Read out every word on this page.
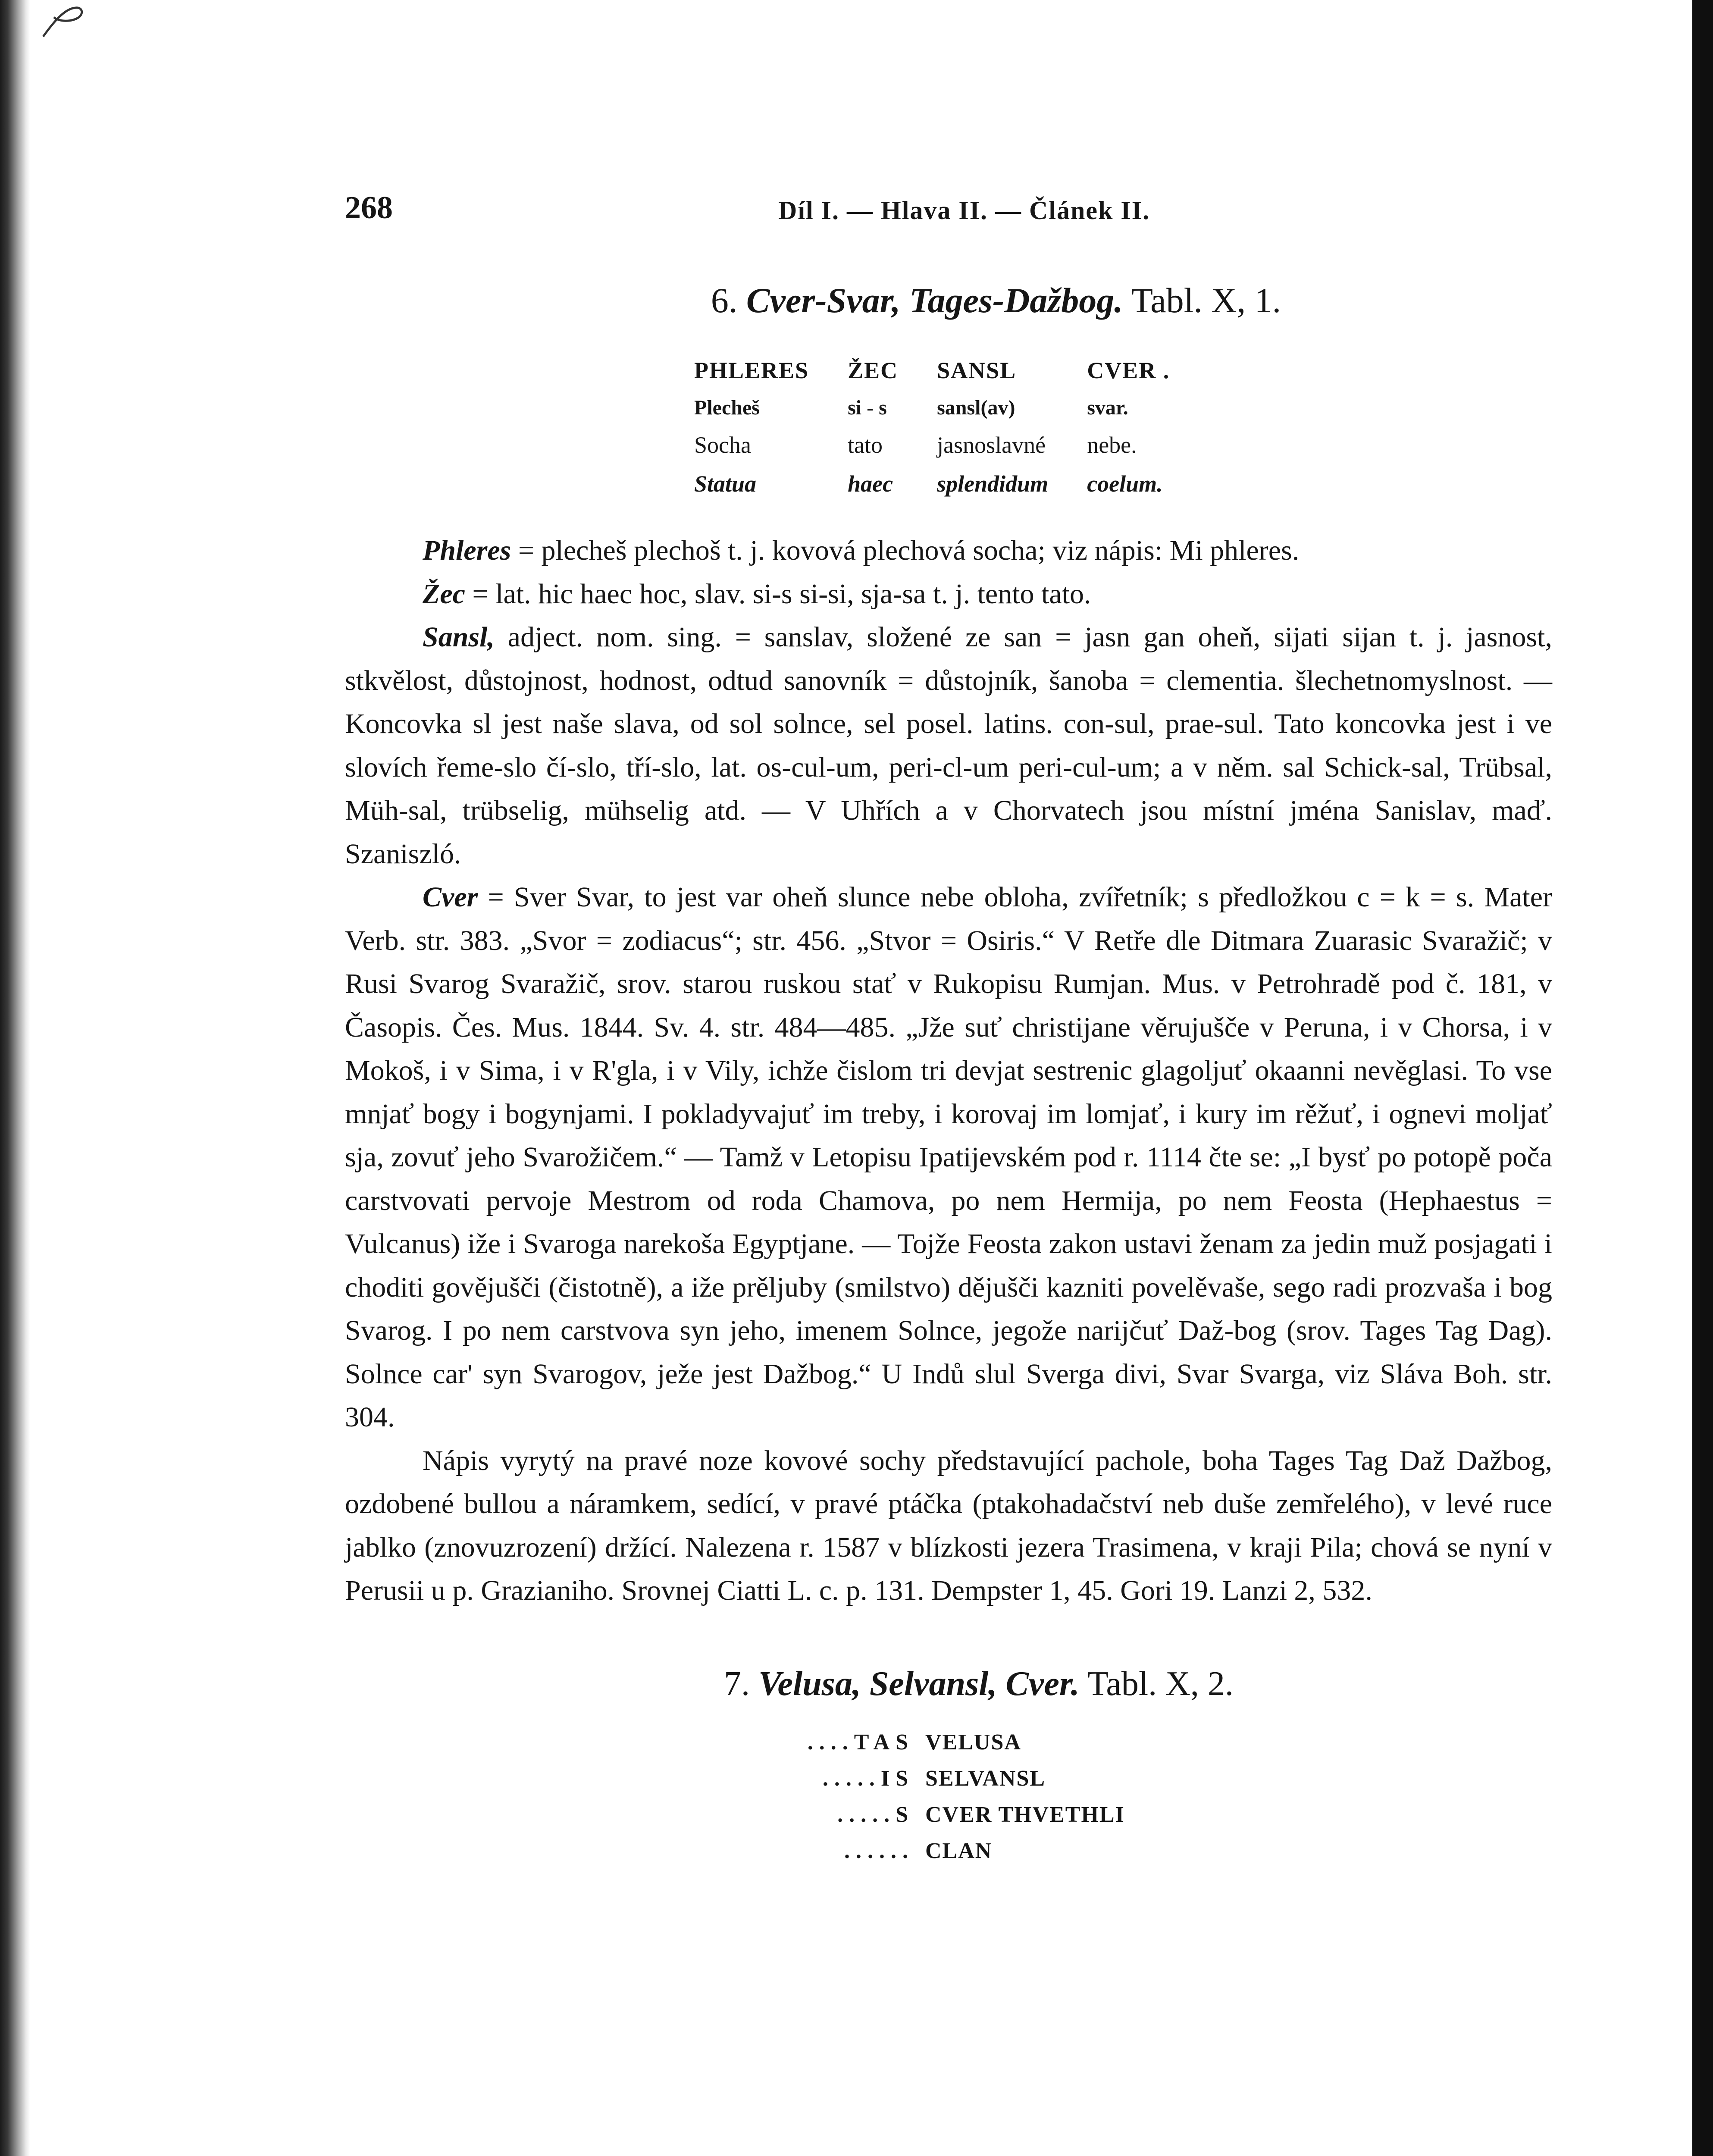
268	Díl I. — Hlava II. — Článek II.
6. Cver-Svar, Tages-Dažbog. Tabl. X, 1.
PHLERES	ŽEC	SANSL	CVER .
Plecheš	si - s	sansl(av)	svar.
Socha	tato	jasnoslavné	nebe.
Statua	haec	splendidum	coelum.

Phleres = plecheš plechoš t. j. kovová plechová socha; viz nápis: Mi phleres.

Žec = lat. hic haec hoc, slav. si-s si-si, sja-sa t. j. tento tato.

Sansl, adject. nom. sing. = sanslav, složené ze san = jasn gan oheň, sijati sijan t. j. jasnost, stkvělost, důstojnost, hodnost, odtud sanovník = důstojník, šanoba = clementia. šlechetnomyslnost. — Koncovka sl jest naše slava, od sol solnce, sel posel. latins. con-sul, prae-sul. Tato koncovka jest i ve slovích řeme-slo čí-slo, tří-slo, lat. os-cul-um, peri-cl-um peri-cul-um; a v něm. sal Schick-sal, Trübsal, Müh-sal, trübselig, mühselig atd. — V Uhřích a v Chorvatech jsou místní jména Sanislav, maď. Szaniszló.

Cver = Sver Svar, to jest var oheň slunce nebe obloha, zvířetník; s předložkou c = k = s. Mater Verb. str. 383. „Svor = zodiacus“; str. 456. „Stvor = Osiris.“ V Retře dle Ditmara Zuarasic Svaražič; v Rusi Svarog Svaražič, srov. starou ruskou stať v Rukopisu Rumjan. Mus. v Petrohradě pod č. 181, v Časopis. Čes. Mus. 1844. Sv. 4. str. 484—485. „Jže suť christijane věrujušče v Peruna, i v Chorsa, i v Mokoš, i v Sima, i v R'gla, i v Vily, ichže čislom tri devjat sestrenic glagoljuť okaanni nevěglasi. To vse mnjať bogy i bogynjami. I pokladyvajuť im treby, i korovaj im lomjať, i kury im rěžuť, i ognevi moljať sja, zovuť jeho Svarožičem.“ — Tamž v Letopisu Ipatijevském pod r. 1114 čte se: „I bysť po potopě poča carstvovati pervoje Mestrom od roda Chamova, po nem Hermija, po nem Feosta (Hephaestus = Vulcanus) iže i Svaroga narekoša Egyptjane. — Tojže Feosta zakon ustavi ženam za jedin muž posjagati i choditi govějušči (čistotně), a iže prěljuby (smilstvo) dějušči kazniti povelěvaše, sego radi prozvaša i bog Svarog. I po nem carstvova syn jeho, imenem Solnce, jegože narijčuť Dаž-bog (srov. Tages Tag Dag). Solnce car' syn Svarogov, ježe jest Dažbog.“ U Indů slul Sverga divi, Svar Svarga, viz Sláva Boh. str. 304.

Nápis vyrytý na pravé noze kovové sochy představující pachole, boha Tages Tag Daž Dažbog, ozdobené bullou a náramkem, sedící, v pravé ptáčka (ptakohadačství neb duše zemřelého), v levé ruce jablko (znovuzrození) držící. Nalezena r. 1587 v blízkosti jezera Trasimena, v kraji Pila; chová se nyní v Perusii u p. Grazianiho. Srovnej Ciatti L. c. p. 131. Dempster 1, 45. Gori 19. Lanzi 2, 532.

7. Velusa, Selvansl, Cver. Tabl. X, 2.
....TAS VELUSA
.....IS SELVANSL
.....S CVER THVETHLI
...... CLAN
